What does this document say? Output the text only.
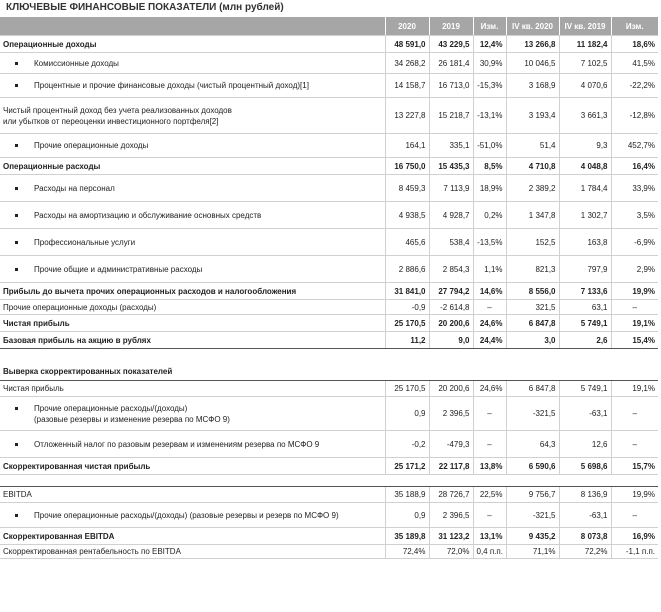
КЛЮЧЕВЫЕ ФИНАНСОВЫЕ ПОКАЗАТЕЛИ (млн рублей)
	2020	2019	Изм.	IV кв. 2020	IV кв. 2019	Изм.
Операционные доходы	48 591,0	43 229,5	12,4%	13 266,8	11 182,4	18,6%

Комиссионные доходы	34 268,2	26 181,4	30,9%	10 046,5	7 102,5	41,5%

Процентные и прочие финансовые доходы (чистый процентный доход)[1]	14 158,7	16 713,0	-15,3%	3 168,9	4 070,6	-22,2%

Чистый процентный доход без учета реализованных доходов
или убытков от переоценки инвестиционного портфеля[2]	13 227,8	15 218,7	-13,1%	3 193,4	3 661,3	-12,8%

Прочие операционные доходы	164,1	335,1	-51,0%	51,4	9,3	452,7%
Операционные расходы	16 750,0	15 435,3	8,5%	4 710,8	4 048,8	16,4%

Расходы на персонал	8 459,3	7 113,9	18,9%	2 389,2	1 784,4	33,9%

Расходы на амортизацию и обслуживание основных средств	4 938,5	4 928,7	0,2%	1 347,8	1 302,7	3,5%

Профессиональные услуги	465,6	538,4	-13,5%	152,5	163,8	-6,9%

Прочие общие и административные расходы	2 886,6	2 854,3	1,1%	821,3	797,9	2,9%
Прибыль до вычета прочих операционных расходов и налогообложения	31 841,0	27 794,2	14,6%	8 556,0	7 133,6	19,9%
Прочие операционные доходы (расходы)	-0,9	-2 614,8	–	321,5	63,1	–
Чистая прибыль	25 170,5	20 200,6	24,6%	6 847,8	5 749,1	19,1%
Базовая прибыль на акцию в рублях	11,2	9,0	24,4%	3,0	2,6	15,4%

Выверка скорректированных показателей						
Чистая прибыль	25 170,5	20 200,6	24,6%	6 847,8	5 749,1	19,1%

Прочие операционные расходы/(доходы)
(разовые резервы и изменение резерва по МСФО 9)	0,9	2 396,5	–	-321,5	-63,1	–

Отложенный налог по разовым резервам и изменениям резерва по МСФО 9	-0,2	-479,3	–	64,3	12,6	–
Скорректированная чистая прибыль	25 171,2	22 117,8	13,8%	6 590,6	5 698,6	15,7%

EBITDA	35 188,9	28 726,7	22,5%	9 756,7	8 136,9	19,9%

Прочие операционные расходы/(доходы) (разовые резервы и резерв по МСФО 9)	0,9	2 396,5	–	-321,5	-63,1	–
Скорректированная EBITDA	35 189,8	31 123,2	13,1%	9 435,2	8 073,8	16,9%
Скорректированная рентабельность по EBITDA	72,4%	72,0%	0,4 п.п.	71,1%	72,2%	-1,1 п.п.
